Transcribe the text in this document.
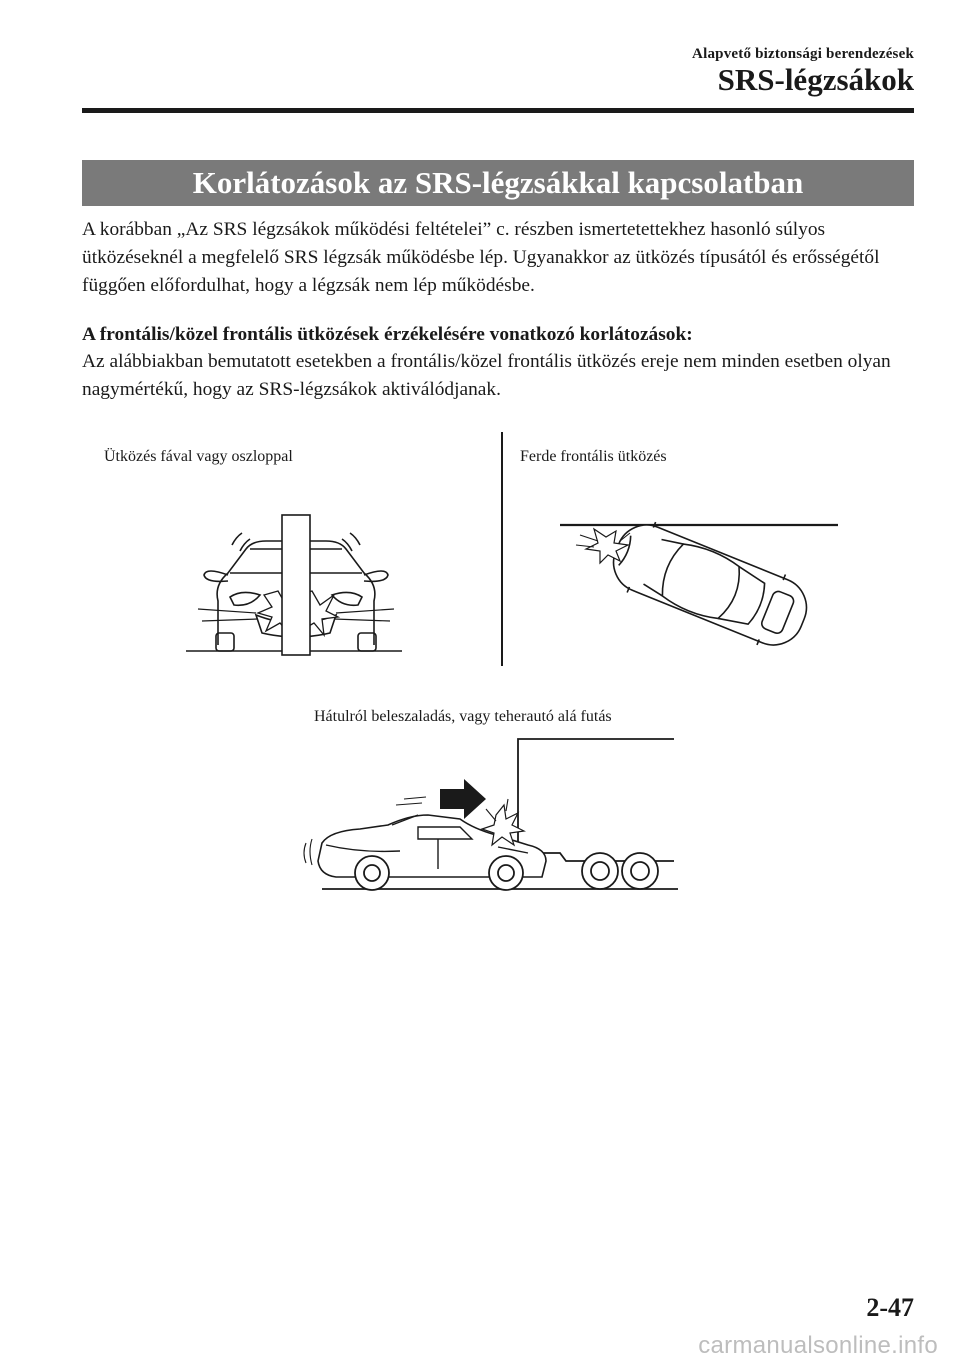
Alapvető biztonsági berendezések
SRS-légzsákok
Korlátozások az SRS-légzsákkal kapcsolatban

A korábban „Az SRS légzsákok működési feltételei” c. részben ismertetettekhez hasonló súlyos ütközéseknél a megfelelő SRS légzsák működésbe lép. Ugyanakkor az ütközés típusától és erősségétől függően előfordulhat, hogy a légzsák nem lép működésbe.

A frontális/közel frontális ütközések érzékelésére vonatkozó korlátozások:

Az alábbiakban bemutatott esetekben a frontális/közel frontális ütközés ereje nem minden esetben olyan nagymértékű, hogy az SRS-légzsákok aktiválódjanak.

Ütközés fával vagy oszloppal	Ferde frontális ütközés
Hátulról beleszaladás, vagy teherautó alá futás
2-47
carmanualsonline.info
